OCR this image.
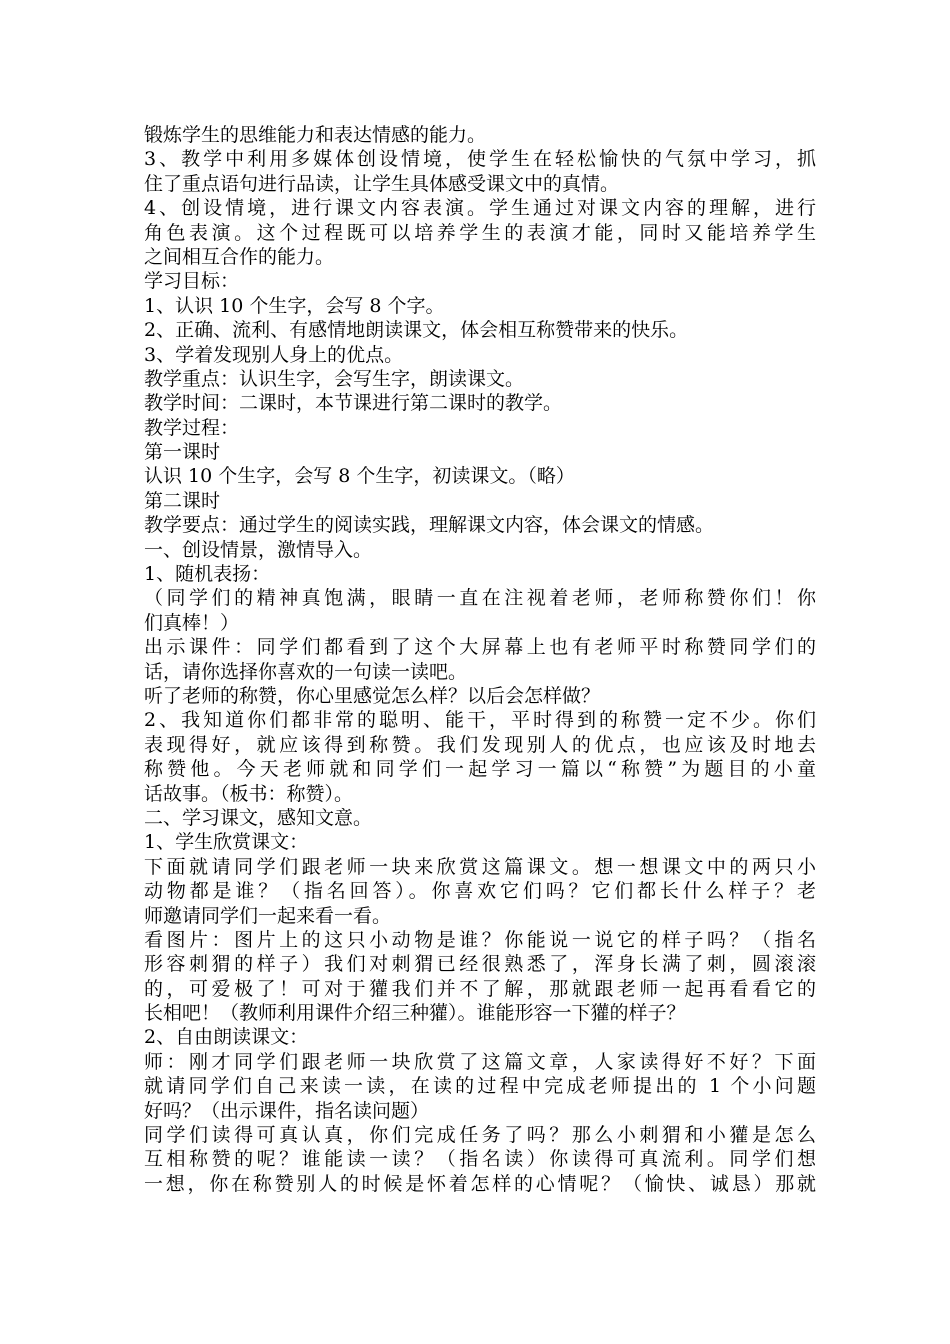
锻炼学生的思维能力和表达情感的能力。
3、教学中利用多媒体创设情境，使学生在轻松愉快的气氛中学习，抓
住了重点语句进行品读，让学生具体感受课文中的真情。
4、创设情境，进行课文内容表演。学生通过对课文内容的理解，进行
角色表演。这个过程既可以培养学生的表演才能，同时又能培养学生
之间相互合作的能力。
学习目标：
1、认识 10 个生字，会写 8 个字。
2、正确、流利、有感情地朗读课文，体会相互称赞带来的快乐。
3、学着发现别人身上的优点。
教学重点：认识生字，会写生字，朗读课文。
教学时间：二课时，本节课进行第二课时的教学。
教学过程：
第一课时
认识 10 个生字，会写 8 个生字，初读课文。（略）
第二课时
教学要点：通过学生的阅读实践，理解课文内容，体会课文的情感。
一、创设情景，激情导入。
1、随机表扬：
（同学们的精神真饱满，眼睛一直在注视着老师，老师称赞你们！你
们真棒！）
出示课件：同学们都看到了这个大屏幕上也有老师平时称赞同学们的
话，请你选择你喜欢的一句读一读吧。
听了老师的称赞，你心里感觉怎么样？以后会怎样做？
2、我知道你们都非常的聪明、能干，平时得到的称赞一定不少。你们
表现得好，就应该得到称赞。我们发现别人的优点，也应该及时地去
称赞他。今天老师就和同学们一起学习一篇以“称赞”为题目的小童
话故事。（板书：称赞）。
二、学习课文，感知文意。
1、学生欣赏课文：
下面就请同学们跟老师一块来欣赏这篇课文。想一想课文中的两只小
动物都是谁？（指名回答）。你喜欢它们吗？它们都长什么样子？老
师邀请同学们一起来看一看。
看图片：图片上的这只小动物是谁？你能说一说它的样子吗？（指名
形容刺猬的样子）我们对刺猬已经很熟悉了，浑身长满了刺，圆滚滚
的，可爱极了！可对于獾我们并不了解，那就跟老师一起再看看它的
长相吧！（教师利用课件介绍三种獾）。谁能形容一下獾的样子？
2、自由朗读课文：
师：刚才同学们跟老师一块欣赏了这篇文章，人家读得好不好？下面
就请同学们自己来读一读，在读的过程中完成老师提出的 1 个小问题
好吗？（出示课件，指名读问题）
同学们读得可真认真，你们完成任务了吗？那么小刺猬和小獾是怎么
互相称赞的呢？谁能读一读？（指名读）你读得可真流利。同学们想
一想，你在称赞别人的时候是怀着怎样的心情呢？（愉快、诚恳）那就
